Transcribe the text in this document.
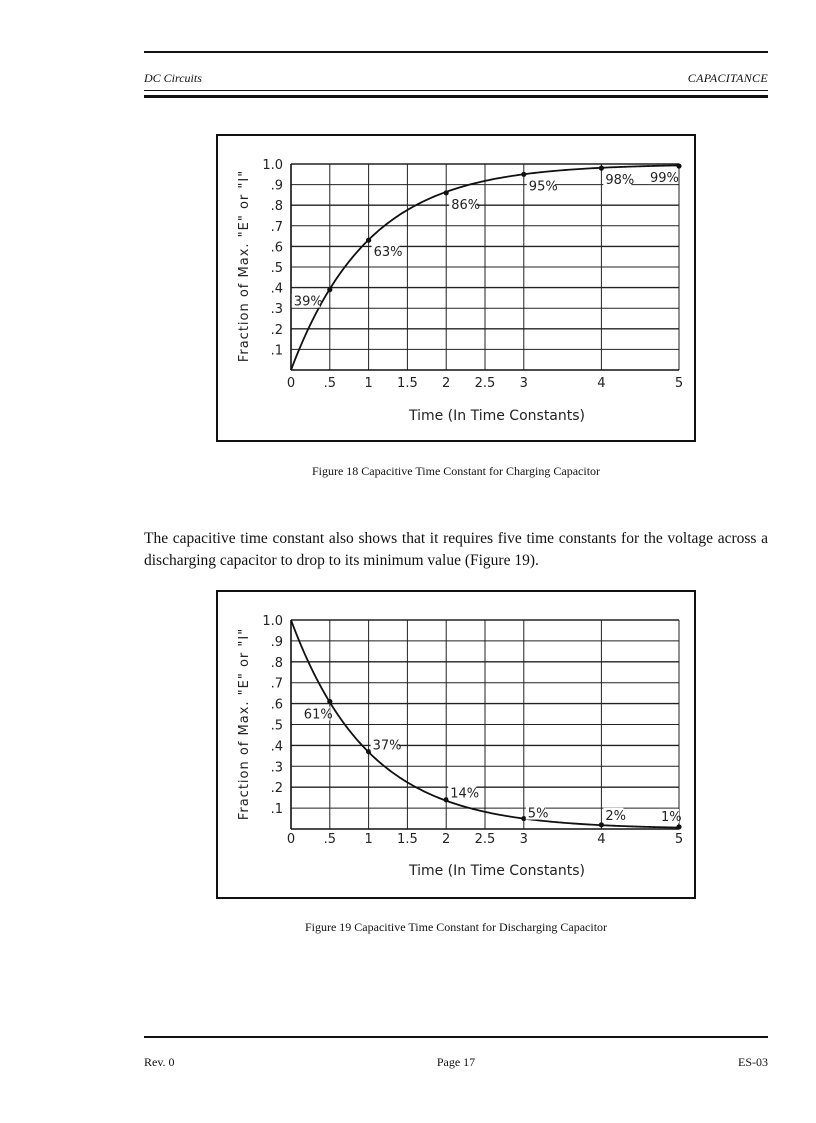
DC Circuits	CAPACITANCE
.1
.2
.3
.4
.5
.6
.7
.8
.9
1.0
0 .5 1 1.5 2 2.5 3	4	5
Time (In Time Constants)
Fraction of Max. "E" or "I"	39%
63%
86%
95%	98% 99%
Figure 18 Capacitive Time Constant for Charging Capacitor
The capacitive time constant also shows that it requires five time constants for the voltage across a discharging capacitor to drop to its minimum value (Figure 19).
.1
.2
.3
.4
.5
.6
.7
.8
.9
1.0
0 .5 1 1.5 2 2.5 3	4	5
Time (In Time Constants)
Fraction of Max. "E" or "I"	61%
37%
14%
5%	2%	1%
Figure 19 Capacitive Time Constant for Discharging Capacitor
Rev. 0	Page 17	ES-03
